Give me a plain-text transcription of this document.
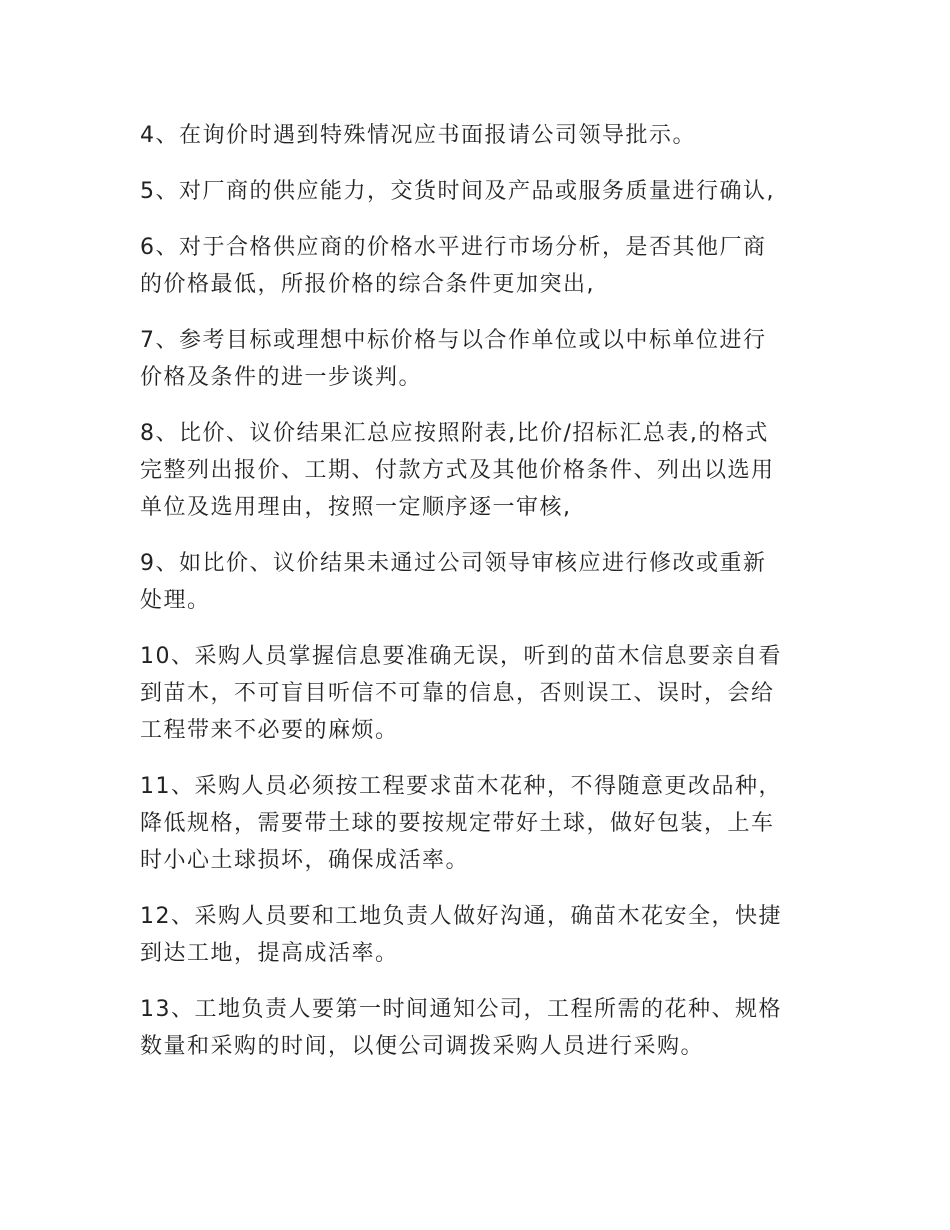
4、在询价时遇到特殊情况应书面报请公司领导批示。

5、对厂商的供应能力，交货时间及产品或服务质量进行确认,

6、对于合格供应商的价格水平进行市场分析，是否其他厂商
的价格最低，所报价格的综合条件更加突出,

7、参考目标或理想中标价格与以合作单位或以中标单位进行
价格及条件的进一步谈判。

8、比价、议价结果汇总应按照附表,比价/招标汇总表,的格式
完整列出报价、工期、付款方式及其他价格条件、列出以选用
单位及选用理由，按照一定顺序逐一审核,

9、如比价、议价结果未通过公司领导审核应进行修改或重新
处理。

10、采购人员掌握信息要准确无误，听到的苗木信息要亲自看
到苗木，不可盲目听信不可靠的信息，否则误工、误时，会给
工程带来不必要的麻烦。

11、采购人员必须按工程要求苗木花种，不得随意更改品种，
降低规格，需要带土球的要按规定带好土球，做好包装，上车
时小心土球损坏，确保成活率。

12、采购人员要和工地负责人做好沟通，确苗木花安全，快捷
到达工地，提高成活率。

13、工地负责人要第一时间通知公司，工程所需的花种、规格
数量和采购的时间，以便公司调拨采购人员进行采购。
